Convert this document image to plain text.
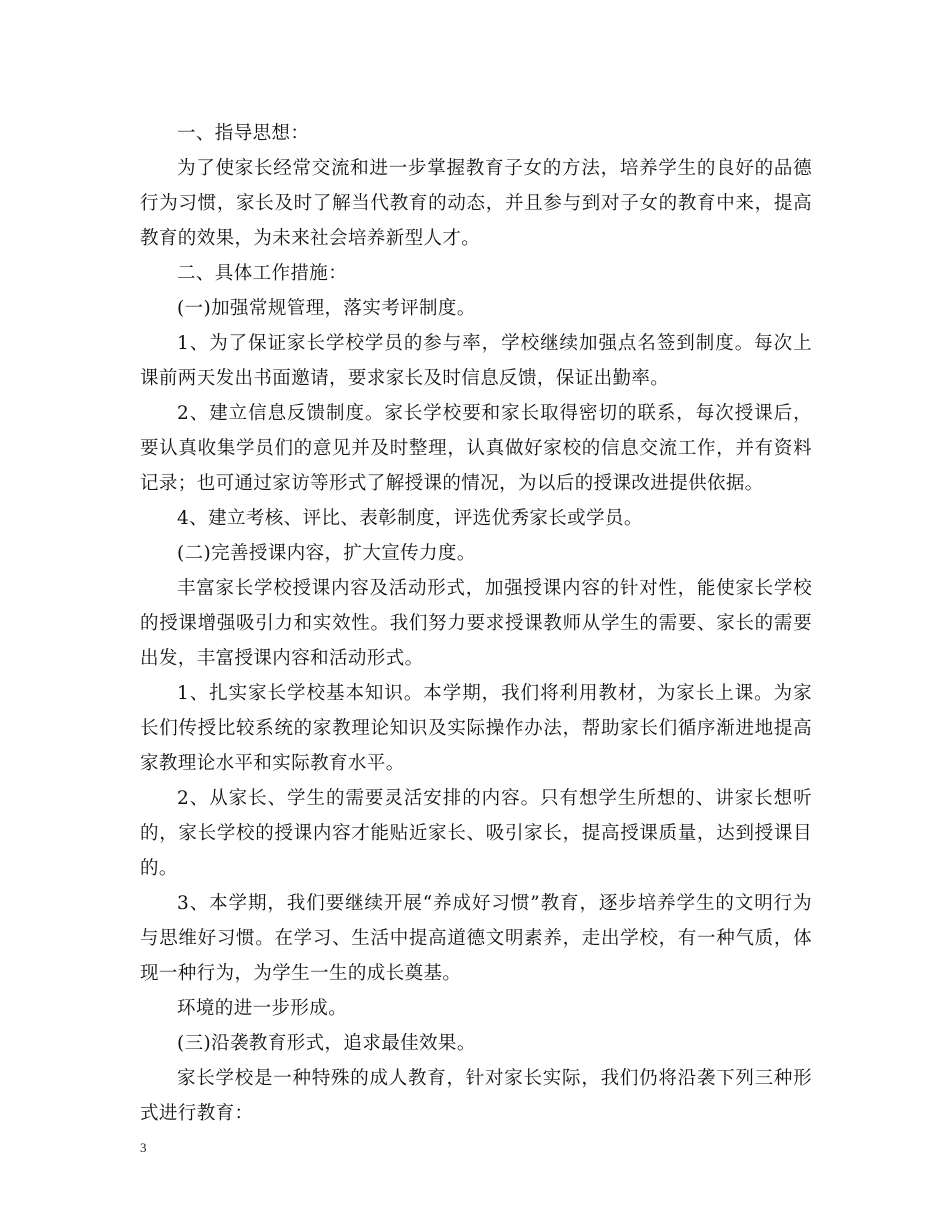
一、指导思想：

为了使家长经常交流和进一步掌握教育子女的方法，培养学生的良好的品德行为习惯，家长及时了解当代教育的动态，并且参与到对子女的教育中来，提高教育的效果，为未来社会培养新型人才。

二、具体工作措施：

(一)加强常规管理，落实考评制度。

1、为了保证家长学校学员的参与率，学校继续加强点名签到制度。每次上课前两天发出书面邀请，要求家长及时信息反馈，保证出勤率。

2、建立信息反馈制度。家长学校要和家长取得密切的联系，每次授课后，要认真收集学员们的意见并及时整理，认真做好家校的信息交流工作，并有资料记录；也可通过家访等形式了解授课的情况，为以后的授课改进提供依据。

4、建立考核、评比、表彰制度，评选优秀家长或学员。

(二)完善授课内容，扩大宣传力度。

丰富家长学校授课内容及活动形式，加强授课内容的针对性，能使家长学校的授课增强吸引力和实效性。我们努力要求授课教师从学生的需要、家长的需要出发，丰富授课内容和活动形式。

1、扎实家长学校基本知识。本学期，我们将利用教材，为家长上课。为家长们传授比较系统的家教理论知识及实际操作办法，帮助家长们循序渐进地提高家教理论水平和实际教育水平。

2、从家长、学生的需要灵活安排的内容。只有想学生所想的、讲家长想听的，家长学校的授课内容才能贴近家长、吸引家长，提高授课质量，达到授课目的。

3、本学期，我们要继续开展“养成好习惯”教育，逐步培养学生的文明行为与思维好习惯。在学习、生活中提高道德文明素养，走出学校，有一种气质，体现一种行为，为学生一生的成长奠基。

环境的进一步形成。

(三)沿袭教育形式，追求最佳效果。

家长学校是一种特殊的成人教育，针对家长实际，我们仍将沿袭下列三种形式进行教育：

3
